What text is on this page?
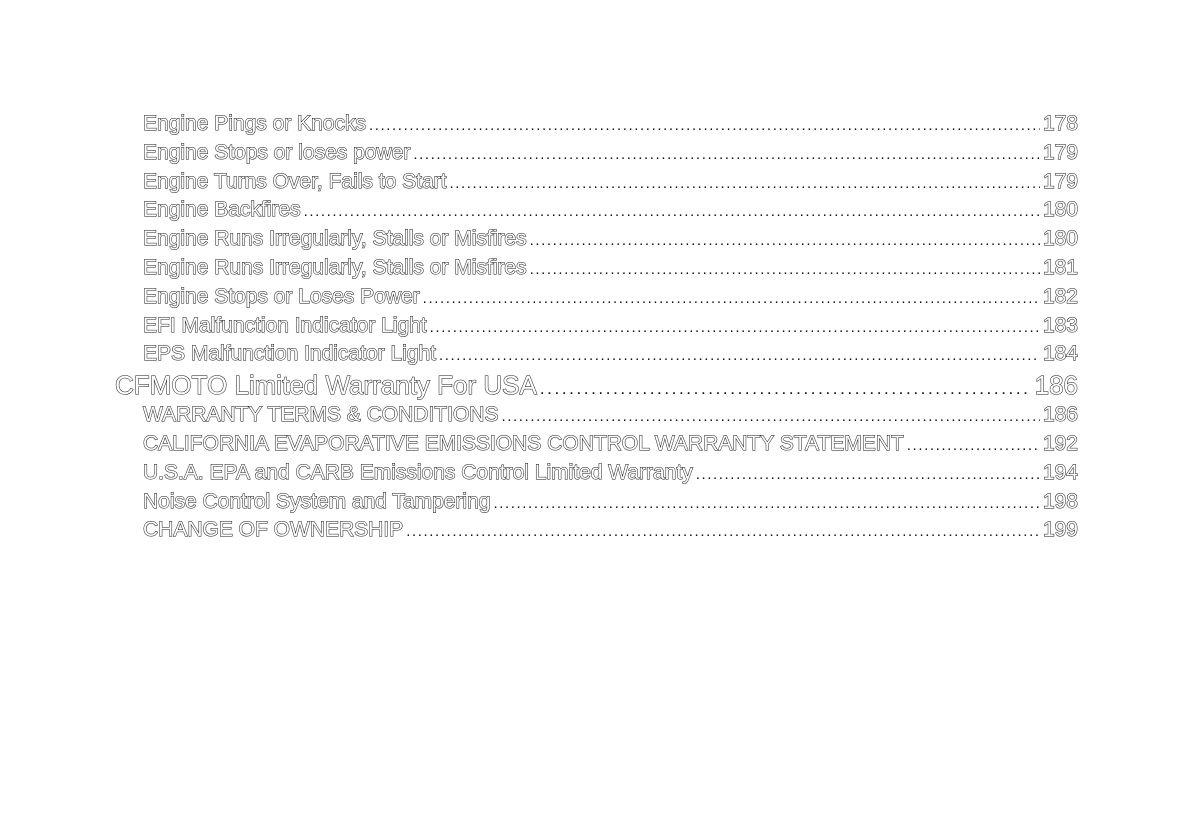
Engine Pings or Knocks .....	178
Engine Stops or loses power .....	179
Engine Turns Over, Fails to Start .....	179
Engine Backfires .....	180
Engine Runs Irregularly, Stalls or Misfires .....	180
Engine Runs Irregularly, Stalls or Misfires .....	181
Engine Stops or Loses Power .....	182
EFI Malfunction Indicator Light .....	183
EPS Malfunction Indicator Light .....	184
CFMOTO Limited Warranty For USA .....	186
WARRANTY TERMS & CONDITIONS .....	186
CALIFORNIA EVAPORATIVE EMISSIONS CONTROL WARRANTY STATEMENT .....	192
U.S.A. EPA and CARB Emissions Control Limited Warranty .....	194
Noise Control System and Tampering .....	198
CHANGE OF OWNERSHIP .....	199
